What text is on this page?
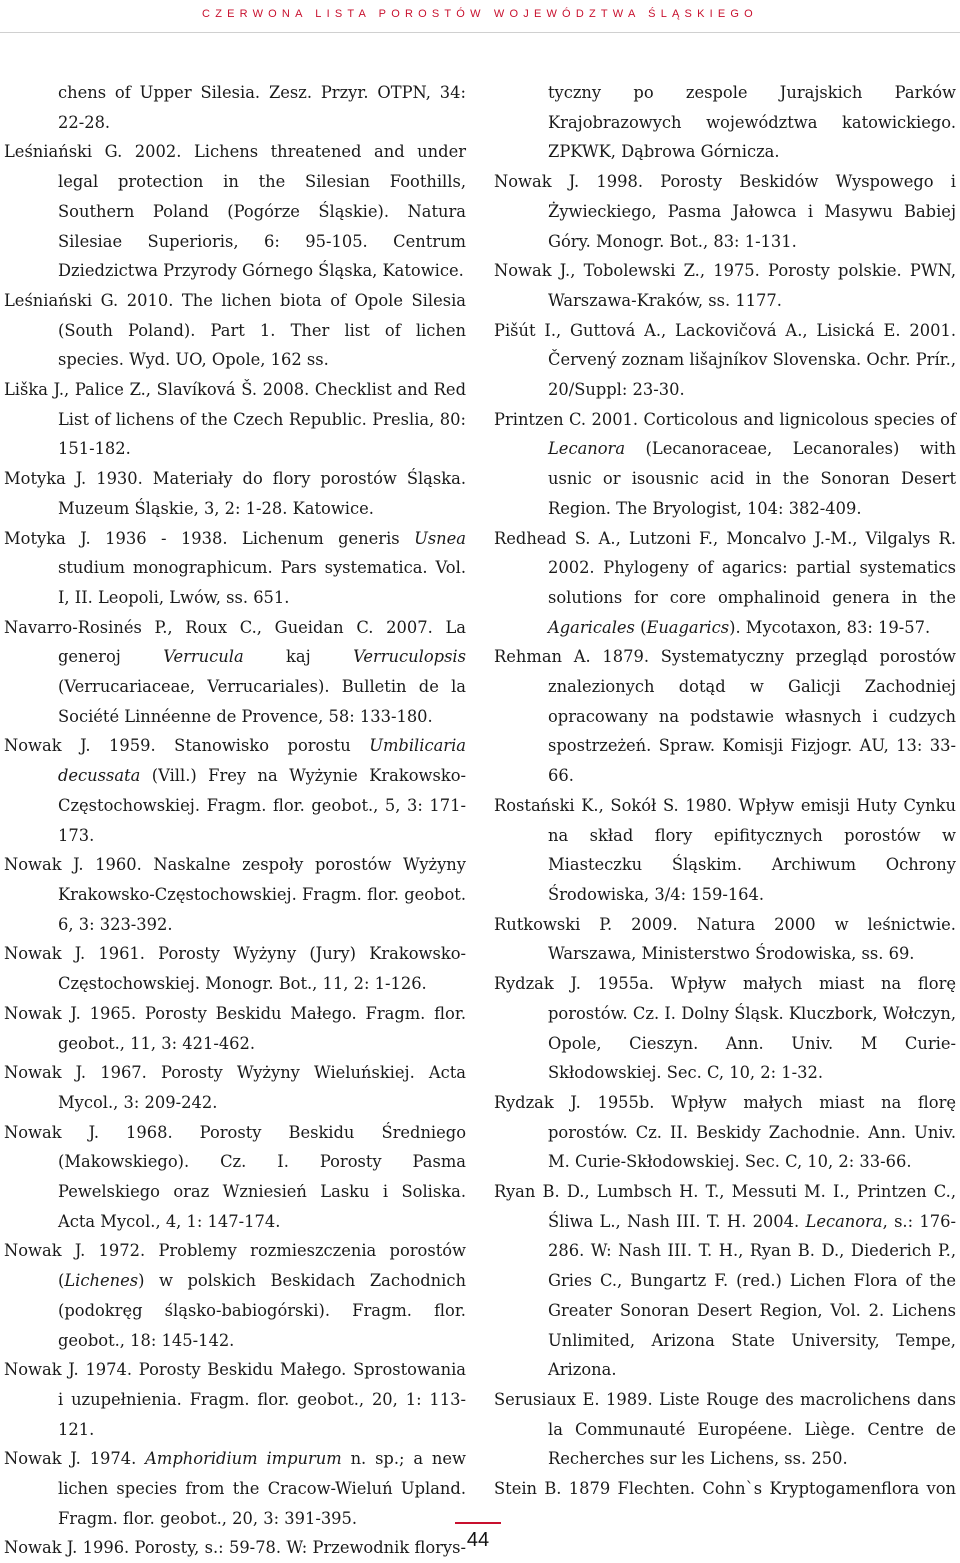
CZERWONA LISTA POROSTÓW WOJEWÓDZTWA ŚLĄSKIEGO

chens of Upper Silesia. Zesz. Przyr. OTPN, 34: 22-28.

Leśniański G. 2002. Lichens threatened and under legal protection in the Silesian Foothills, Southern Poland (Pogórze Śląskie). Natura Silesiae Superioris, 6: 95-105. Centrum Dziedzictwa Przyrody Górnego Śląska, Katowice.

Leśniański G. 2010. The lichen biota of Opole Silesia (South Poland). Part 1. Ther list of lichen species. Wyd. UO, Opole, 162 ss.

Liška J., Palice Z., Slavíková Š. 2008. Checklist and Red List of lichens of the Czech Republic. Preslia, 80: 151-182.

Motyka J. 1930. Materiały do flory porostów Śląska. Muzeum Śląskie, 3, 2: 1-28. Katowice.

Motyka J. 1936 - 1938. Lichenum generis Usnea studium monographicum. Pars systematica. Vol. I, II. Leopoli, Lwów, ss. 651.

Navarro-Rosinés P., Roux C., Gueidan C. 2007. La generoj Verrucula kaj Verruculopsis (Verrucariaceae, Verrucariales). Bulletin de la Société Linnéenne de Provence, 58: 133-180.

Nowak J. 1959. Stanowisko porostu Umbilicaria decussata (Vill.) Frey na Wyżynie Krakowsko-Częstochowskiej. Fragm. flor. geobot., 5, 3: 171-173.

Nowak J. 1960. Naskalne zespoły porostów Wyżyny Krakowsko-Częstochowskiej. Fragm. flor. geobot. 6, 3: 323-392.

Nowak J. 1961. Porosty Wyżyny (Jury) Krakowsko-Częstochowskiej. Monogr. Bot., 11, 2: 1-126.

Nowak J. 1965. Porosty Beskidu Małego. Fragm. flor. geobot., 11, 3: 421-462.

Nowak J. 1967. Porosty Wyżyny Wieluńskiej. Acta Mycol., 3: 209-242.

Nowak J. 1968. Porosty Beskidu Średniego (Makowskiego). Cz. I. Porosty Pasma Pewelskiego oraz Wzniesień Lasku i Soliska. Acta Mycol., 4, 1: 147-174.

Nowak J. 1972. Problemy rozmieszczenia porostów (Lichenes) w polskich Beskidach Zachodnich (podokręg śląsko-babiogórski). Fragm. flor. geobot., 18: 145-142.

Nowak J. 1974. Porosty Beskidu Małego. Sprostowania i uzupełnienia. Fragm. flor. geobot., 20, 1: 113-121.

Nowak J. 1974. Amphoridium impurum n. sp.; a new lichen species from the Cracow-Wieluń Upland. Fragm. flor. geobot., 20, 3: 391-395.

Nowak J. 1996. Porosty, s.: 59-78. W: Przewodnik florys-

tyczny po zespole Jurajskich Parków Krajobrazowych województwa katowickiego. ZPKWK, Dąbrowa Górnicza.

Nowak J. 1998. Porosty Beskidów Wyspowego i Żywieckiego, Pasma Jałowca i Masywu Babiej Góry. Monogr. Bot., 83: 1-131.

Nowak J., Tobolewski Z., 1975. Porosty polskie. PWN, Warszawa-Kraków, ss. 1177.

Pišút I., Guttová A., Lackovičová A., Lisická E. 2001. Červený zoznam lišajníkov Slovenska. Ochr. Prír., 20/Suppl: 23-30.

Printzen C. 2001. Corticolous and lignicolous species of Lecanora (Lecanoraceae, Lecanorales) with usnic or isousnic acid in the Sonoran Desert Region. The Bryologist, 104: 382-409.

Redhead S. A., Lutzoni F., Moncalvo J.-M., Vilgalys R. 2002. Phylogeny of agarics: partial systematics solutions for core omphalinoid genera in the Agaricales (Euagarics). Mycotaxon, 83: 19-57.

Rehman A. 1879. Systematyczny przegląd porostów znalezionych dotąd w Galicji Zachodniej opracowany na podstawie własnych i cudzych spostrzeżeń. Spraw. Komisji Fizjogr. AU, 13: 33-66.

Rostański K., Sokół S. 1980. Wpływ emisji Huty Cynku na skład flory epifitycznych porostów w Miasteczku Śląskim. Archiwum Ochrony Środowiska, 3/4: 159-164.

Rutkowski P. 2009. Natura 2000 w leśnictwie. Warszawa, Ministerstwo Środowiska, ss. 69.

Rydzak J. 1955a. Wpływ małych miast na florę porostów. Cz. I. Dolny Śląsk. Kluczbork, Wołczyn, Opole, Cieszyn. Ann. Univ. M Curie-Skłodowskiej. Sec. C, 10, 2: 1-32.

Rydzak J. 1955b. Wpływ małych miast na florę porostów. Cz. II. Beskidy Zachodnie. Ann. Univ. M. Curie-Skłodowskiej. Sec. C, 10, 2: 33-66.

Ryan B. D., Lumbsch H. T., Messuti M. I., Printzen C., Śliwa L., Nash III. T. H. 2004. Lecanora, s.: 176-286. W: Nash III. T. H., Ryan B. D., Diederich P., Gries C., Bungartz F. (red.) Lichen Flora of the Greater Sonoran Desert Region, Vol. 2. Lichens Unlimited, Arizona State University, Tempe, Arizona.

Serusiaux E. 1989. Liste Rouge des macrolichens dans la Communauté Européene. Liège. Centre de Recherches sur les Lichens, ss. 250.

Stein B. 1879 Flechten. Cohn`s Kryptogamenflora von

44
